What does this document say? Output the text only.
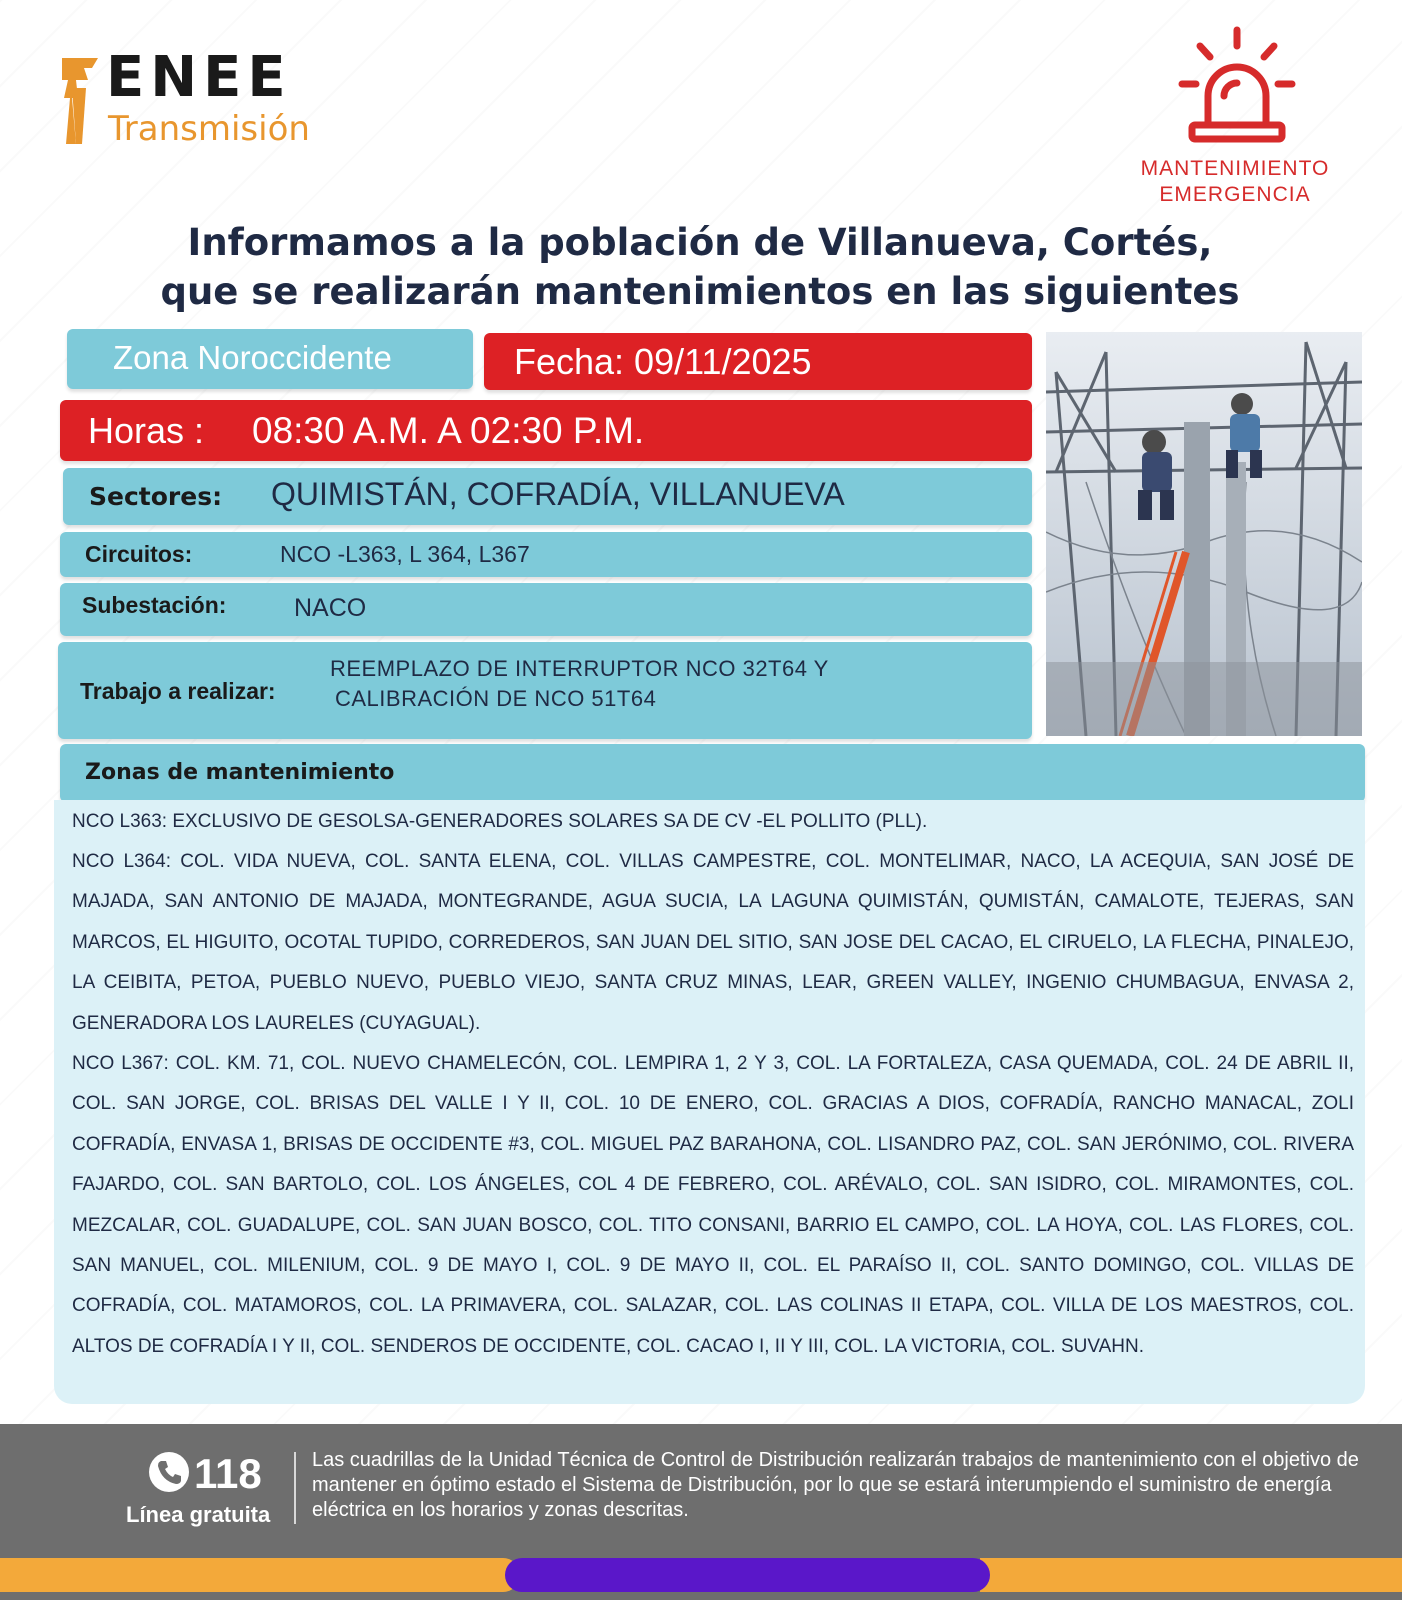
ENEE
Transmisión
MANTENIMIENTO
EMERGENCIA
Informamos a la población de Villanueva, Cortés,
que se realizarán mantenimientos en las siguientes
Zona Noroccidente	Fecha: 09/11/2025
Horas : 08:30 A.M. A 02:30 P.M.
Sectores: QUIMISTÁN, COFRADÍA, VILLANUEVA
Circuitos:	NCO -L363, L 364, L367
Subestación:	NACO
Trabajo a realizar:
REEMPLAZO DE INTERRUPTOR NCO 32T64 Y
CALIBRACIÓN DE NCO 51T64
Zonas de mantenimiento
NCO L363: EXCLUSIVO DE GESOLSA-GENERADORES SOLARES SA DE CV -EL POLLITO (PLL).
NCO L364: COL. VIDA NUEVA, COL. SANTA ELENA, COL. VILLAS CAMPESTRE, COL. MONTELIMAR, NACO, LA ACEQUIA, SAN JOSÉ DE MAJADA, SAN ANTONIO DE MAJADA, MONTEGRANDE, AGUA SUCIA, LA LAGUNA QUIMISTÁN, QUMISTÁN, CAMALOTE, TEJERAS, SAN MARCOS, EL HIGUITO, OCOTAL TUPIDO, CORREDEROS, SAN JUAN DEL SITIO, SAN JOSE DEL CACAO, EL CIRUELO, LA FLECHA, PINALEJO, LA CEIBITA, PETOA, PUEBLO NUEVO, PUEBLO VIEJO, SANTA CRUZ MINAS, LEAR, GREEN VALLEY, INGENIO CHUMBAGUA, ENVASA 2, GENERADORA LOS LAURELES (CUYAGUAL).
NCO L367: COL. KM. 71, COL. NUEVO CHAMELECÓN, COL. LEMPIRA 1, 2 Y 3, COL. LA FORTALEZA, CASA QUEMADA, COL. 24 DE ABRIL II, COL. SAN JORGE, COL. BRISAS DEL VALLE I Y II, COL. 10 DE ENERO, COL. GRACIAS A DIOS, COFRADÍA, RANCHO MANACAL, ZOLI COFRADÍA, ENVASA 1, BRISAS DE OCCIDENTE #3, COL. MIGUEL PAZ BARAHONA, COL. LISANDRO PAZ, COL. SAN JERÓNIMO, COL. RIVERA FAJARDO, COL. SAN BARTOLO, COL. LOS ÁNGELES, COL 4 DE FEBRERO, COL. ARÉVALO, COL. SAN ISIDRO, COL. MIRAMONTES, COL. MEZCALAR, COL. GUADALUPE, COL. SAN JUAN BOSCO, COL. TITO CONSANI, BARRIO EL CAMPO, COL. LA HOYA, COL. LAS FLORES, COL. SAN MANUEL, COL. MILENIUM, COL. 9 DE MAYO I, COL. 9 DE MAYO II, COL. EL PARAÍSO II, COL. SANTO DOMINGO, COL. VILLAS DE COFRADÍA, COL. MATAMOROS, COL. LA PRIMAVERA, COL. SALAZAR, COL. LAS COLINAS II ETAPA, COL. VILLA DE LOS MAESTROS, COL. ALTOS DE COFRADÍA I Y II, COL. SENDEROS DE OCCIDENTE, COL. CACAO I, II Y III, COL. LA VICTORIA, COL. SUVAHN.
118
Línea gratuita
Las cuadrillas de la Unidad Técnica de Control de Distribución realizarán trabajos de mantenimiento con el objetivo de mantener en óptimo estado el Sistema de Distribución, por lo que se estará interumpiendo el suministro de energía eléctrica en los horarios y zonas descritas.
